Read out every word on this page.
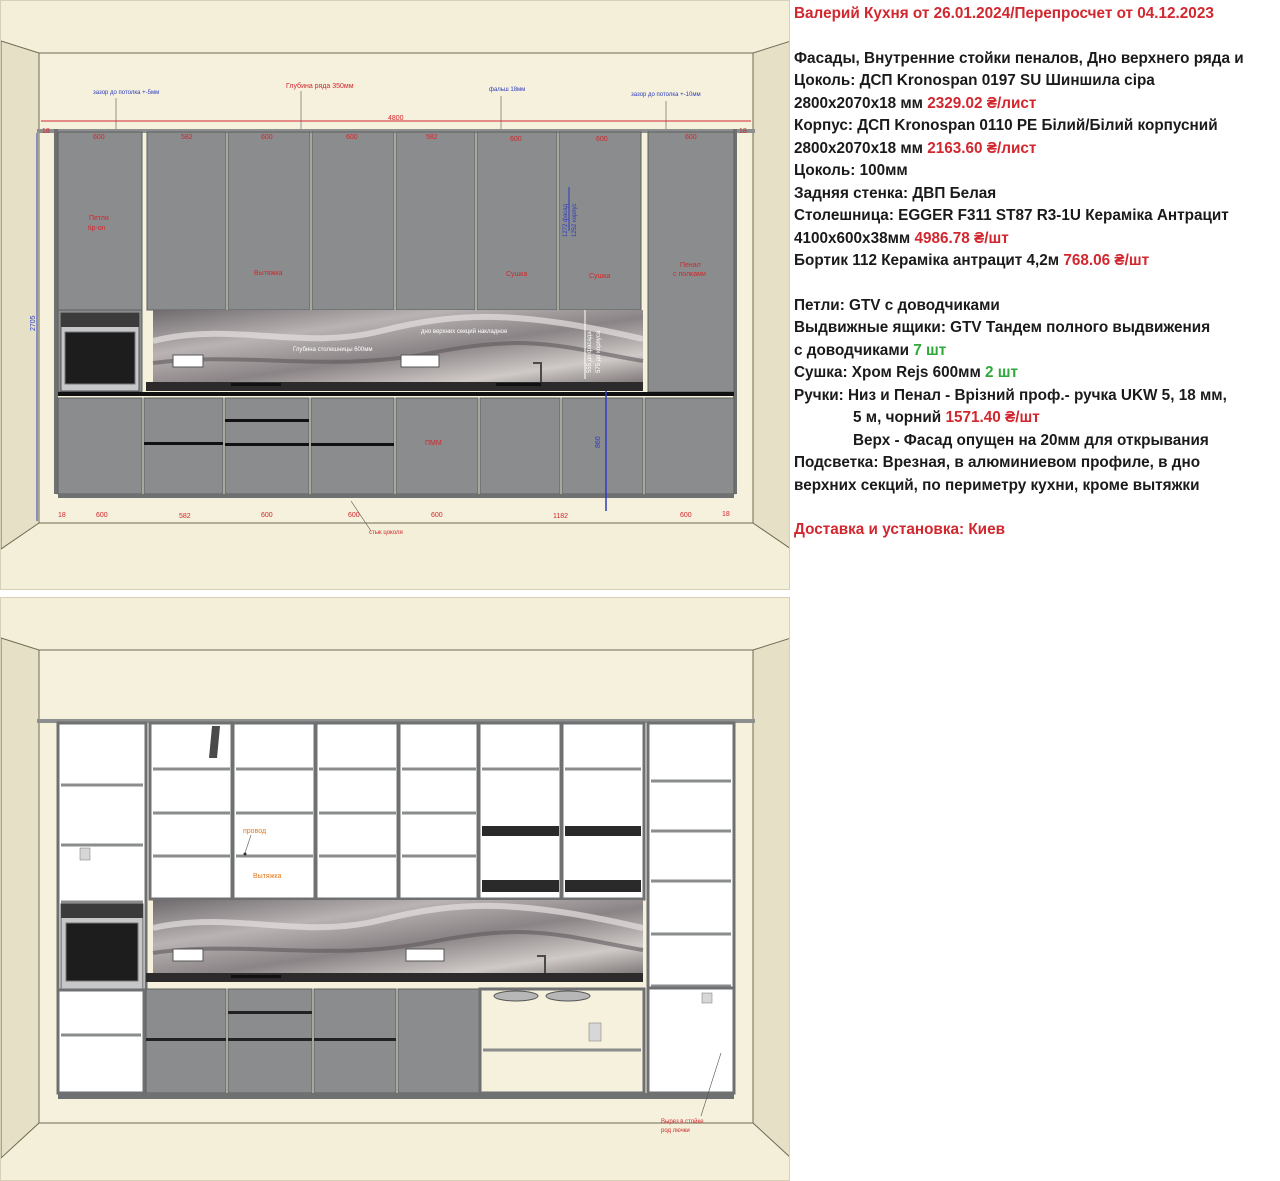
зазор до потолка +-5мм
Глубина ряда 350мм	фальш 18мм
зазор до потолка +-10мм
4800
18
600	582	600	600	582	600	600	600
18
2705
Петли
tip-on
Вытяжка	Сушка	Сушка
Пенал
с полками
1272 фасад 1252 корпус
дно верхних секций накладное
Глубина столешницы 600мм	555 до фасада 575 до корпуса
ПММ	860
18	600	582	600	600	600	1182	600	18
стык цоколя
провод
Вытяжка
Вырез в стойке
род лючки

Валерий Кухня от 26.01.2024/Перепросчет от 04.12.2023

Фасады, Внутренние стойки пеналов, Дно верхнего ряда и

Цоколь: ДСП Kronospan 0197 SU Шиншила сіра

2800x2070x18 мм 2329.02 ₴/лист

Корпус: ДСП Kronospan 0110 PE Білий/Білий корпусний

2800x2070x18 мм 2163.60 ₴/лист

Цоколь: 100мм

Задняя стенка: ДВП Белая

Столешница: EGGER F311 ST87 R3-1U Кераміка Антрацит

4100x600x38мм 4986.78 ₴/шт

Бортик 112 Кераміка антрацит 4,2м 768.06 ₴/шт

Петли: GTV с доводчиками

Выдвижные ящики: GTV Тандем полного выдвижения

с доводчиками 7 шт

Сушка: Хром Rejs 600мм 2 шт

Ручки: Низ и Пенал - Врізний проф.- ручка UKW 5, 18 мм,

5 м, чорний 1571.40 ₴/шт

Верх - Фасад опущен на 20мм для открывания

Подсветка: Врезная, в алюминиевом профиле, в дно

верхних секций, по периметру кухни, кроме вытяжки

Доставка и установка: Киев
